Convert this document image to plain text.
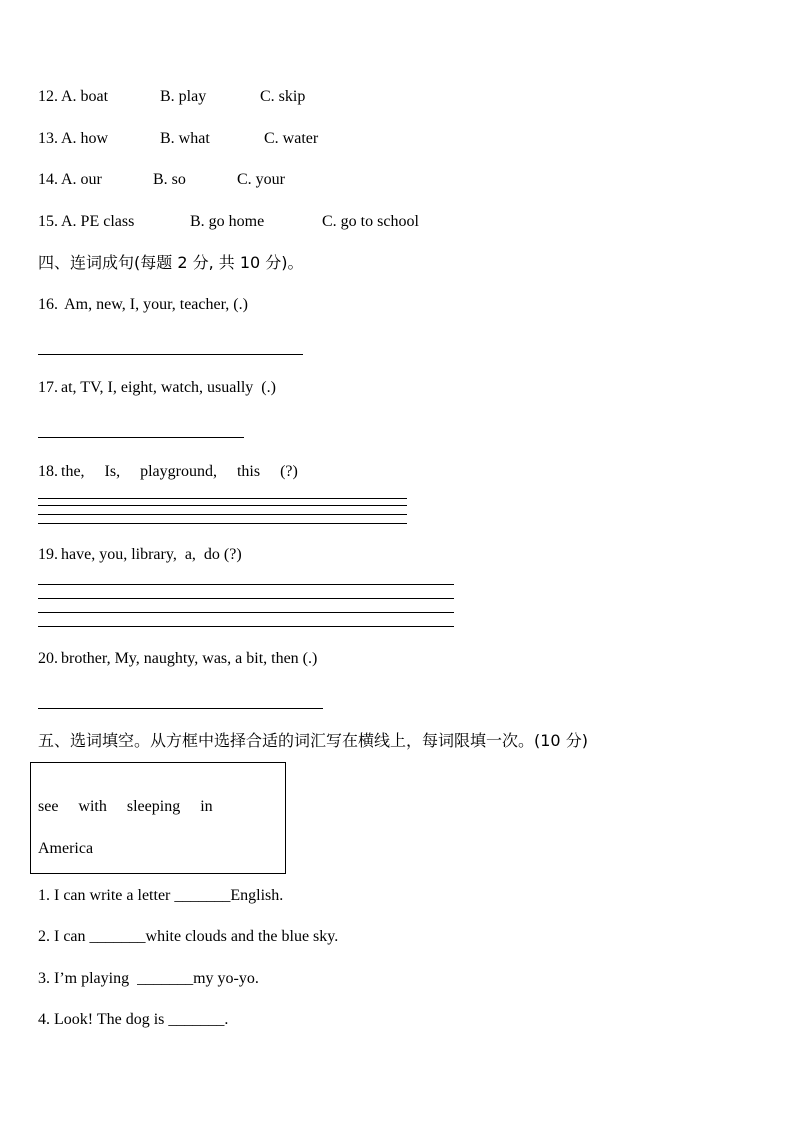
12. A. boat	B. play	C. skip
13. A. how	B. what	C. water
14. A. our	B. so	C. your
15. A. PE class	B. go home	C. go to school
四、连词成句(每题 2 分, 共 10 分)。
16. Am, new, I, your, teacher, (.)
17. at, TV, I, eight, watch, usually  (.)
18. the,     Is,     playground,     this     (?)
19. have, you, library,  a,  do (?)
20. brother, My, naughty, was, a bit, then (.)
五、选词填空。从方框中选择合适的词汇写在横线上，每词限填一次。(10 分)
see     with     sleeping     in
America
1. I can write a letter _______English.
2. I can _______white clouds and the blue sky.
3. I’m playing  _______my yo-yo.
4. Look! The dog is _______.
